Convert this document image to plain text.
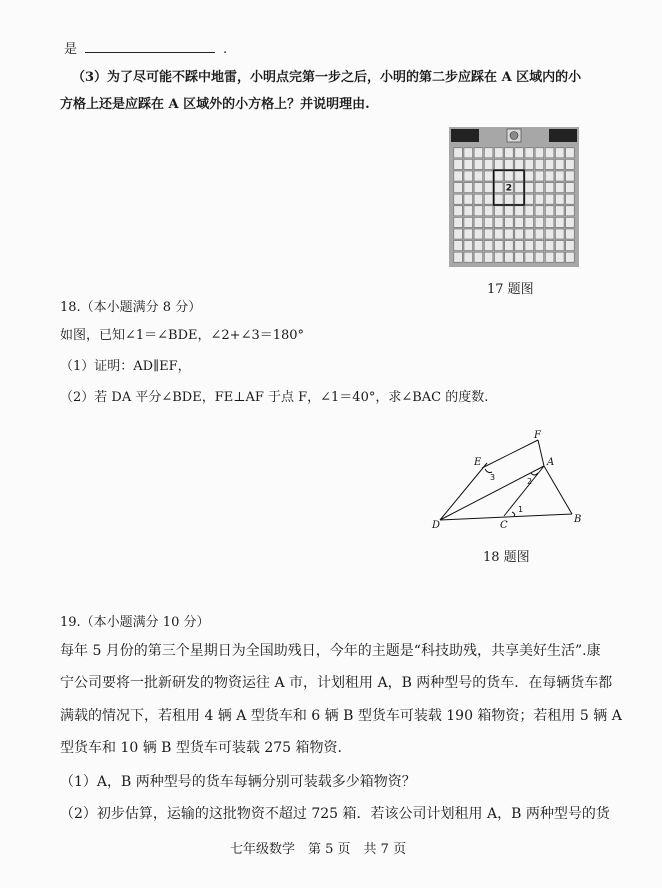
是	.
（3）为了尽可能不踩中地雷，小明点完第一步之后，小明的第二步应踩在 A 区域内的小
方格上还是应踩在 A 区域外的小方格上？并说明理由.
2
17 题图
18.（本小题满分 8 分）
如图，已知∠1＝∠BDE，∠2+∠3＝180°
（1）证明：AD∥EF，
（2）若 DA 平分∠BDE，FE⊥AF 于点 F，∠1＝40°，求∠BAC 的度数.
F
E	A
D	C
B
3	2
1
18 题图
19.（本小题满分 10 分）
每年 5 月份的第三个星期日为全国助残日，今年的主题是“科技助残，共享美好生活”.康
宁公司要将一批新研发的物资运往 A 市，计划租用 A，B 两种型号的货车．在每辆货车都
满载的情况下，若租用 4 辆 A 型货车和 6 辆 B 型货车可装载 190 箱物资；若租用 5 辆 A
型货车和 10 辆 B 型货车可装载 275 箱物资.
（1）A，B 两种型号的货车每辆分别可装载多少箱物资？
（2）初步估算，运输的这批物资不超过 725 箱．若该公司计划租用 A，B 两种型号的货
七年级数学　第 5 页　共 7 页
